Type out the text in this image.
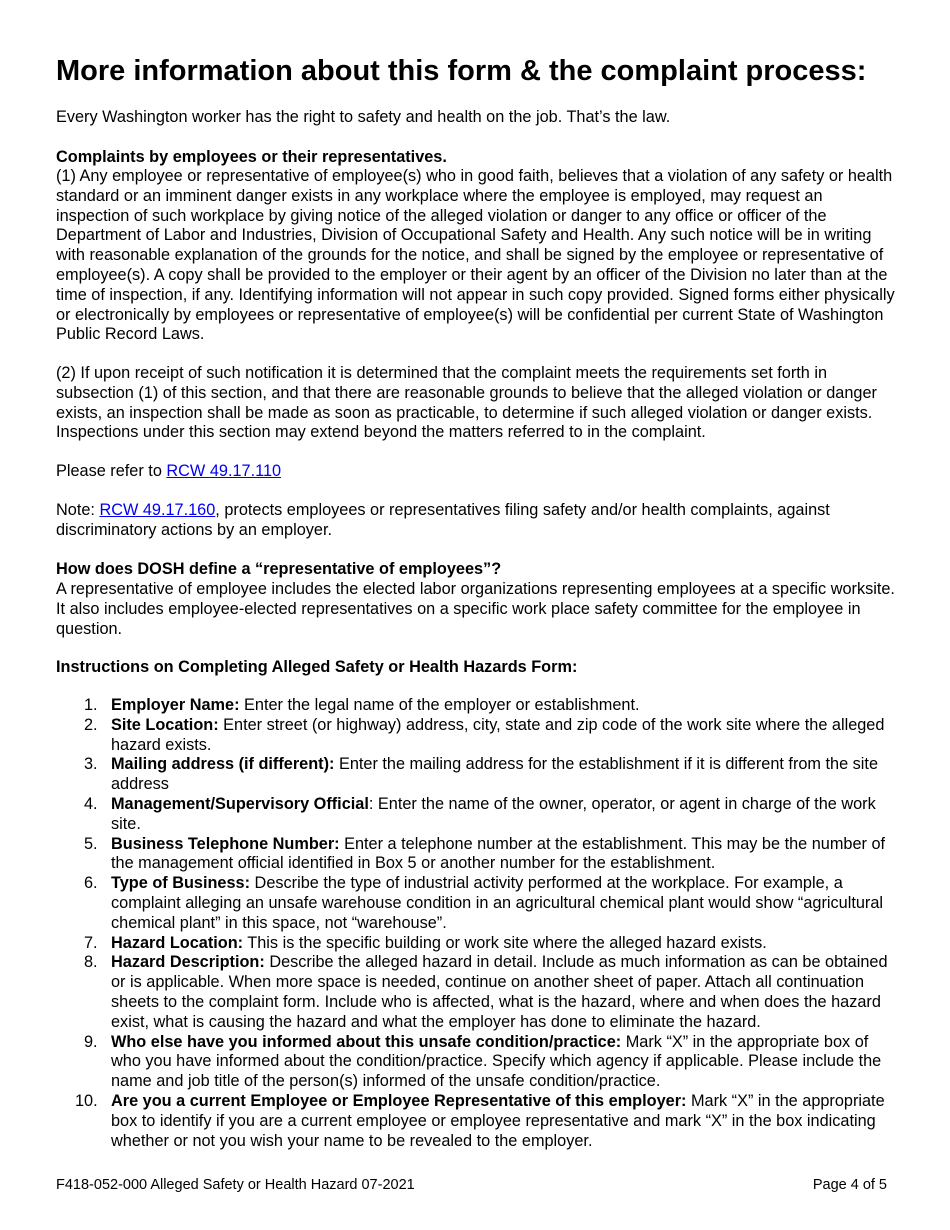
More information about this form & the complaint process:

Every Washington worker has the right to safety and health on the job. That’s the law.

Complaints by employees or their representatives.

(1) Any employee or representative of employee(s) who in good faith, believes that a violation of any safety or health standard or an imminent danger exists in any workplace where the employee is employed, may request an inspection of such workplace by giving notice of the alleged violation or danger to any office or officer of the Department of Labor and Industries, Division of Occupational Safety and Health. Any such notice will be in writing with reasonable explanation of the grounds for the notice, and shall be signed by the employee or representative of employee(s). A copy shall be provided to the employer or their agent by an officer of the Division no later than at the time of inspection, if any. Identifying information will not appear in such copy provided. Signed forms either physically or electronically by employees or representative of employee(s) will be confidential per current State of Washington Public Record Laws.

(2) If upon receipt of such notification it is determined that the complaint meets the requirements set forth in subsection (1) of this section, and that there are reasonable grounds to believe that the alleged violation or danger exists, an inspection shall be made as soon as practicable, to determine if such alleged violation or danger exists. Inspections under this section may extend beyond the matters referred to in the complaint.

Please refer to RCW 49.17.110

Note: RCW 49.17.160, protects employees or representatives filing safety and/or health complaints, against discriminatory actions by an employer.

How does DOSH define a “representative of employees”?

A representative of employee includes the elected labor organizations representing employees at a specific worksite. It also includes employee-elected representatives on a specific work place safety committee for the employee in question.

Instructions on Completing Alleged Safety or Health Hazards Form:

1. Employer Name: Enter the legal name of the employer or establishment.
2. Site Location: Enter street (or highway) address, city, state and zip code of the work site where the alleged hazard exists.
3. Mailing address (if different): Enter the mailing address for the establishment if it is different from the site address
4. Management/Supervisory Official: Enter the name of the owner, operator, or agent in charge of the work site.
5. Business Telephone Number: Enter a telephone number at the establishment. This may be the number of the management official identified in Box 5 or another number for the establishment.
6. Type of Business: Describe the type of industrial activity performed at the workplace. For example, a complaint alleging an unsafe warehouse condition in an agricultural chemical plant would show “agricultural chemical plant” in this space, not “warehouse”.
7. Hazard Location: This is the specific building or work site where the alleged hazard exists.
8. Hazard Description: Describe the alleged hazard in detail. Include as much information as can be obtained or is applicable. When more space is needed, continue on another sheet of paper. Attach all continuation sheets to the complaint form. Include who is affected, what is the hazard, where and when does the hazard exist, what is causing the hazard and what the employer has done to eliminate the hazard.
9. Who else have you informed about this unsafe condition/practice: Mark “X” in the appropriate box of who you have informed about the condition/practice. Specify which agency if applicable. Please include the name and job title of the person(s) informed of the unsafe condition/practice.
10. Are you a current Employee or Employee Representative of this employer: Mark “X” in the appropriate box to identify if you are a current employee or employee representative and mark “X” in the box indicating whether or not you wish your name to be revealed to the employer.
F418-052-000 Alleged Safety or Health Hazard 07-2021	Page 4 of 5
